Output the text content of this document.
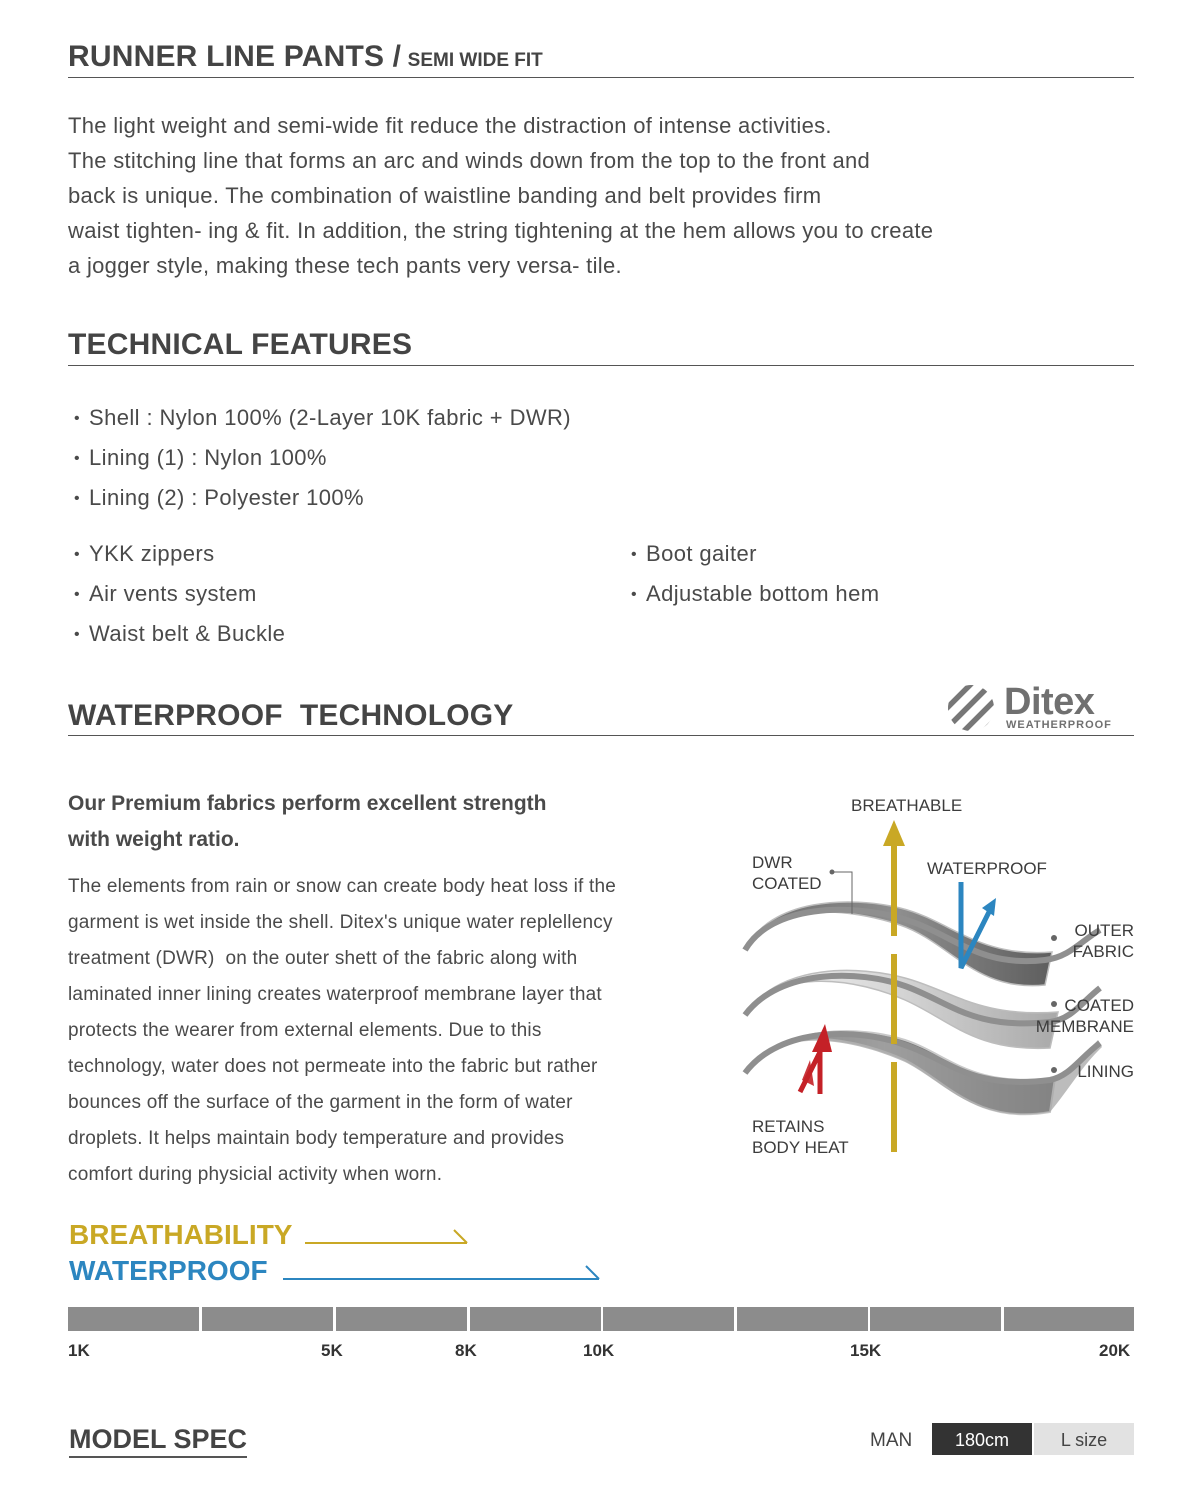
RUNNER LINE PANTS / SEMI WIDE FIT
The light weight and semi-wide fit reduce the distraction of intense activities.
The stitching line that forms an arc and winds down from the top to the front and
back is unique. The combination of waistline banding and belt provides firm
waist tighten- ing & fit. In addition, the string tightening at the hem allows you to create
a jogger style, making these tech pants very versa- tile.
TECHNICAL FEATURES
• Shell : Nylon 100% (2-Layer 10K fabric + DWR)
• Lining (1) : Nylon 100%
• Lining (2) : Polyester 100%
• YKK zippers
• Air vents system
• Waist belt & Buckle
• Boot gaiter
• Adjustable bottom hem
WATERPROOF  TECHNOLOGY	Ditex
WEATHERPROOF
Our Premium fabrics perform excellent strength
with weight ratio.
The elements from rain or snow can create body heat loss if the
garment is wet inside the shell. Ditex's unique water replellency
treatment (DWR)  on the outer shett of the fabric along with
laminated inner lining creates waterproof membrane layer that
protects the wearer from external elements. Due to this
technology, water does not permeate into the fabric but rather
bounces off the surface of the garment in the form of water
droplets. It helps maintain body temperature and provides
comfort during physicial activity when worn.
BREATHABLE
WATERPROOF
DWR
COATED
OUTER
FABRIC
COATED
MEMBRANE
LINING
RETAINS
BODY HEAT
BREATHABILITY
WATERPROOF
1K	5K	8K	10K	15K	20K
MODEL SPEC	MAN	180cm	L size
